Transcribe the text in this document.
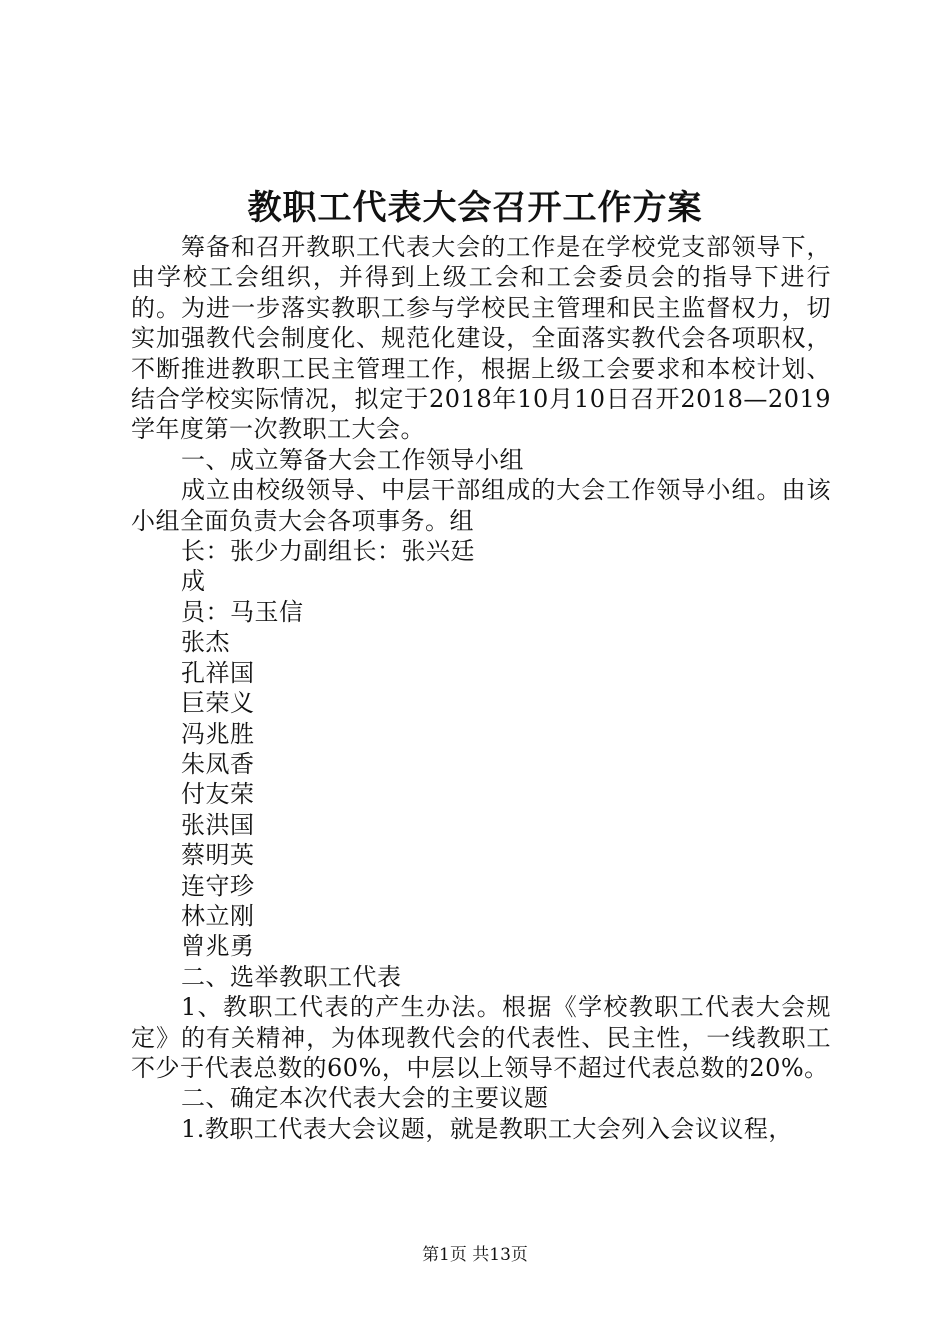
教职工代表大会召开工作方案

筹备和召开教职工代表大会的工作是在学校党支部领导下，由学校工会组织，并得到上级工会和工会委员会的指导下进行的。为进一步落实教职工参与学校民主管理和民主监督权力，切实加强教代会制度化、规范化建设，全面落实教代会各项职权，不断推进教职工民主管理工作，根据上级工会要求和本校计划、结合学校实际情况，拟定于2018年10月10日召开2018—2019学年度第一次教职工大会。

一、成立筹备大会工作领导小组

成立由校级领导、中层干部组成的大会工作领导小组。由该小组全面负责大会各项事务。组

长：张少力副组长：张兴廷

成

员：马玉信

张杰

孔祥国

巨荣义

冯兆胜

朱凤香

付友荣

张洪国

蔡明英

连守珍

林立刚

曾兆勇

二、选举教职工代表

1、教职工代表的产生办法。根据《学校教职工代表大会规定》的有关精神，为体现教代会的代表性、民主性，一线教职工不少于代表总数的60%，中层以上领导不超过代表总数的20%。

二、确定本次代表大会的主要议题

1.教职工代表大会议题，就是教职工大会列入会议议程，

第1页 共13页
